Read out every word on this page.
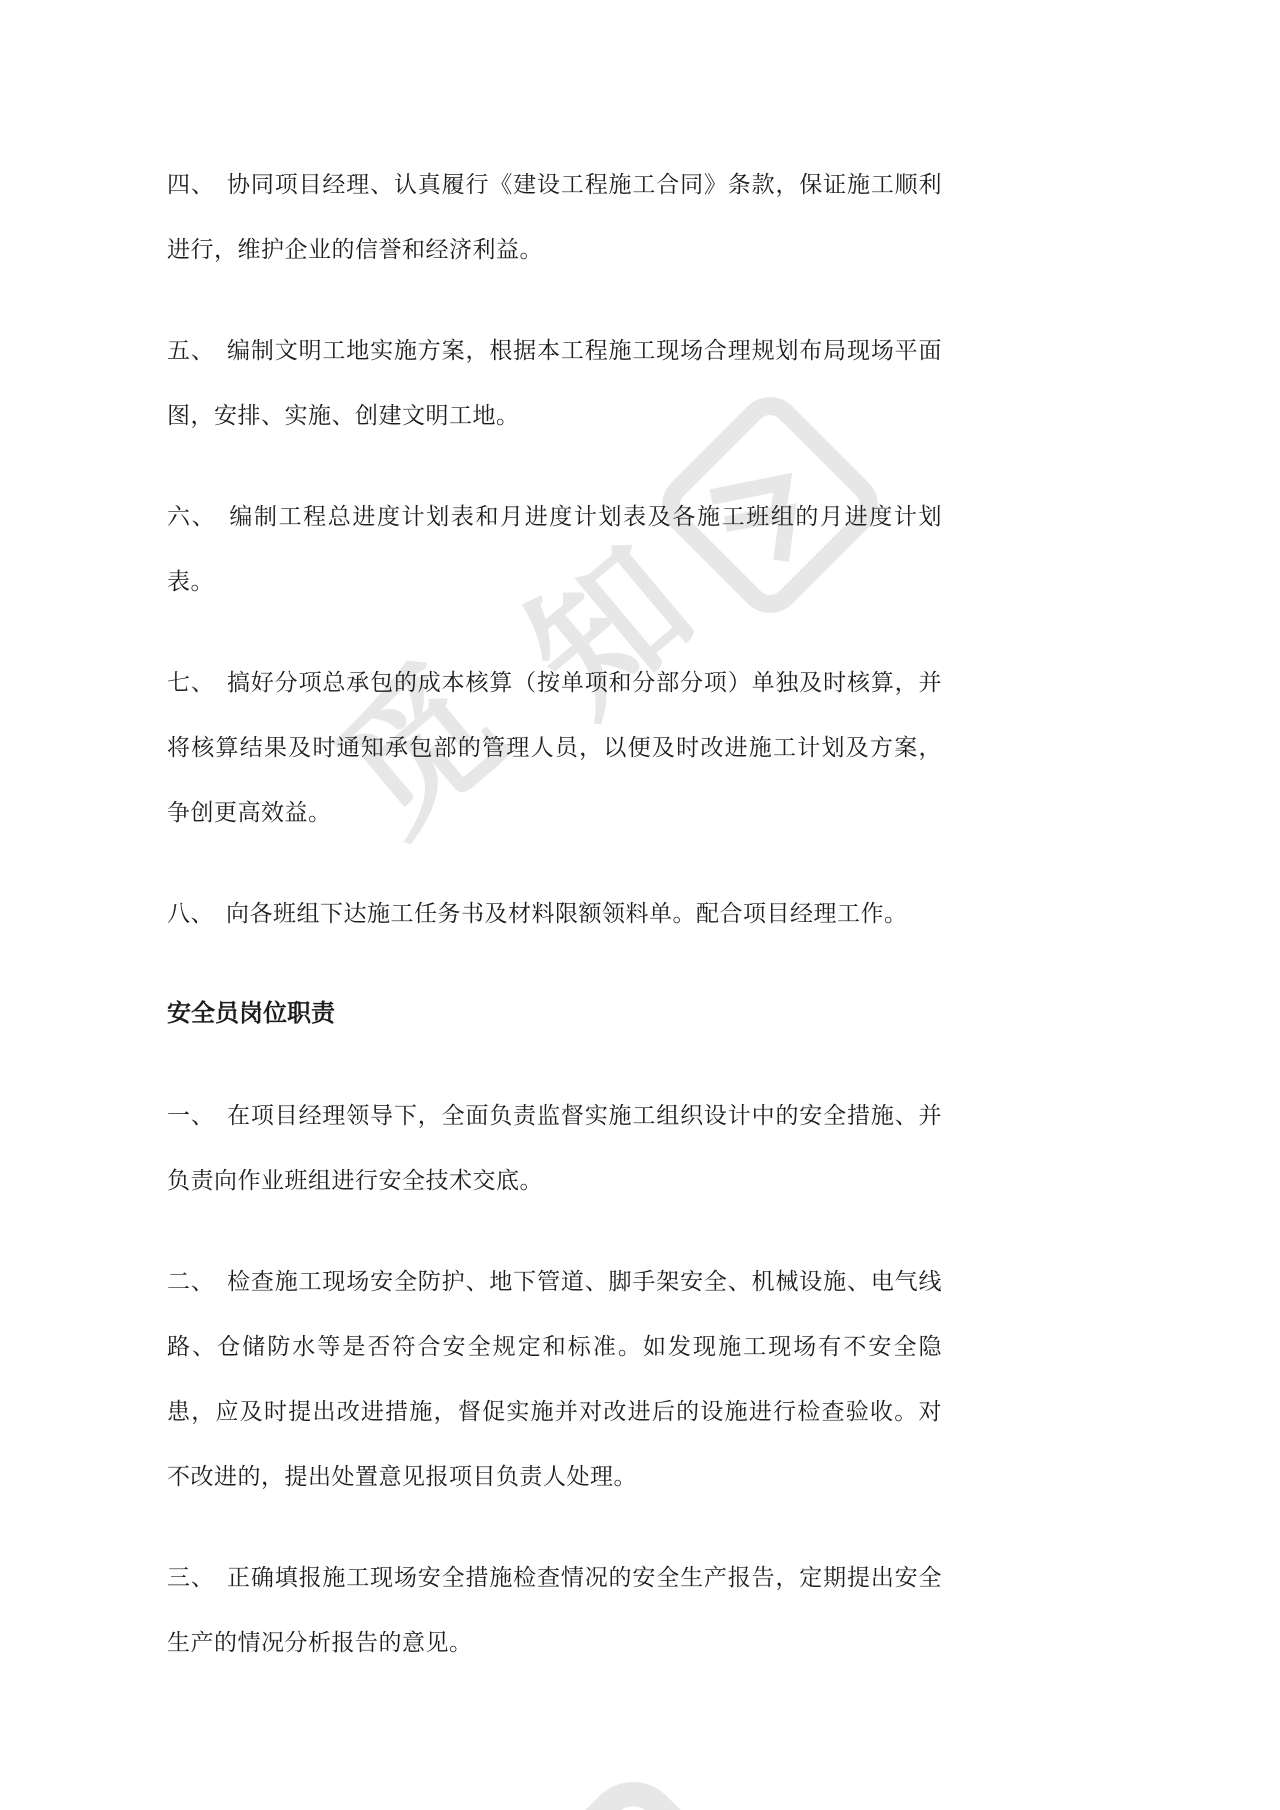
觅
知

四、　协同项目经理、认真履行《建设工程施工合同》条款，保证施工顺利进行，维护企业的信誉和经济利益。

五、　编制文明工地实施方案，根据本工程施工现场合理规划布局现场平面图，安排、实施、创建文明工地。

六、　编制工程总进度计划表和月进度计划表及各施工班组的月进度计划表。

七、　搞好分项总承包的成本核算（按单项和分部分项）单独及时核算，并将核算结果及时通知承包部的管理人员，以便及时改进施工计划及方案，争创更高效益。

八、　向各班组下达施工任务书及材料限额领料单。配合项目经理工作。

安全员岗位职责

一、　在项目经理领导下，全面负责监督实施工组织设计中的安全措施、并负责向作业班组进行安全技术交底。

二、　检查施工现场安全防护、地下管道、脚手架安全、机械设施、电气线路、仓储防水等是否符合安全规定和标准。如发现施工现场有不安全隐患，应及时提出改进措施，督促实施并对改进后的设施进行检查验收。对不改进的，提出处置意见报项目负责人处理。

三、　正确填报施工现场安全措施检查情况的安全生产报告，定期提出安全生产的情况分析报告的意见。
